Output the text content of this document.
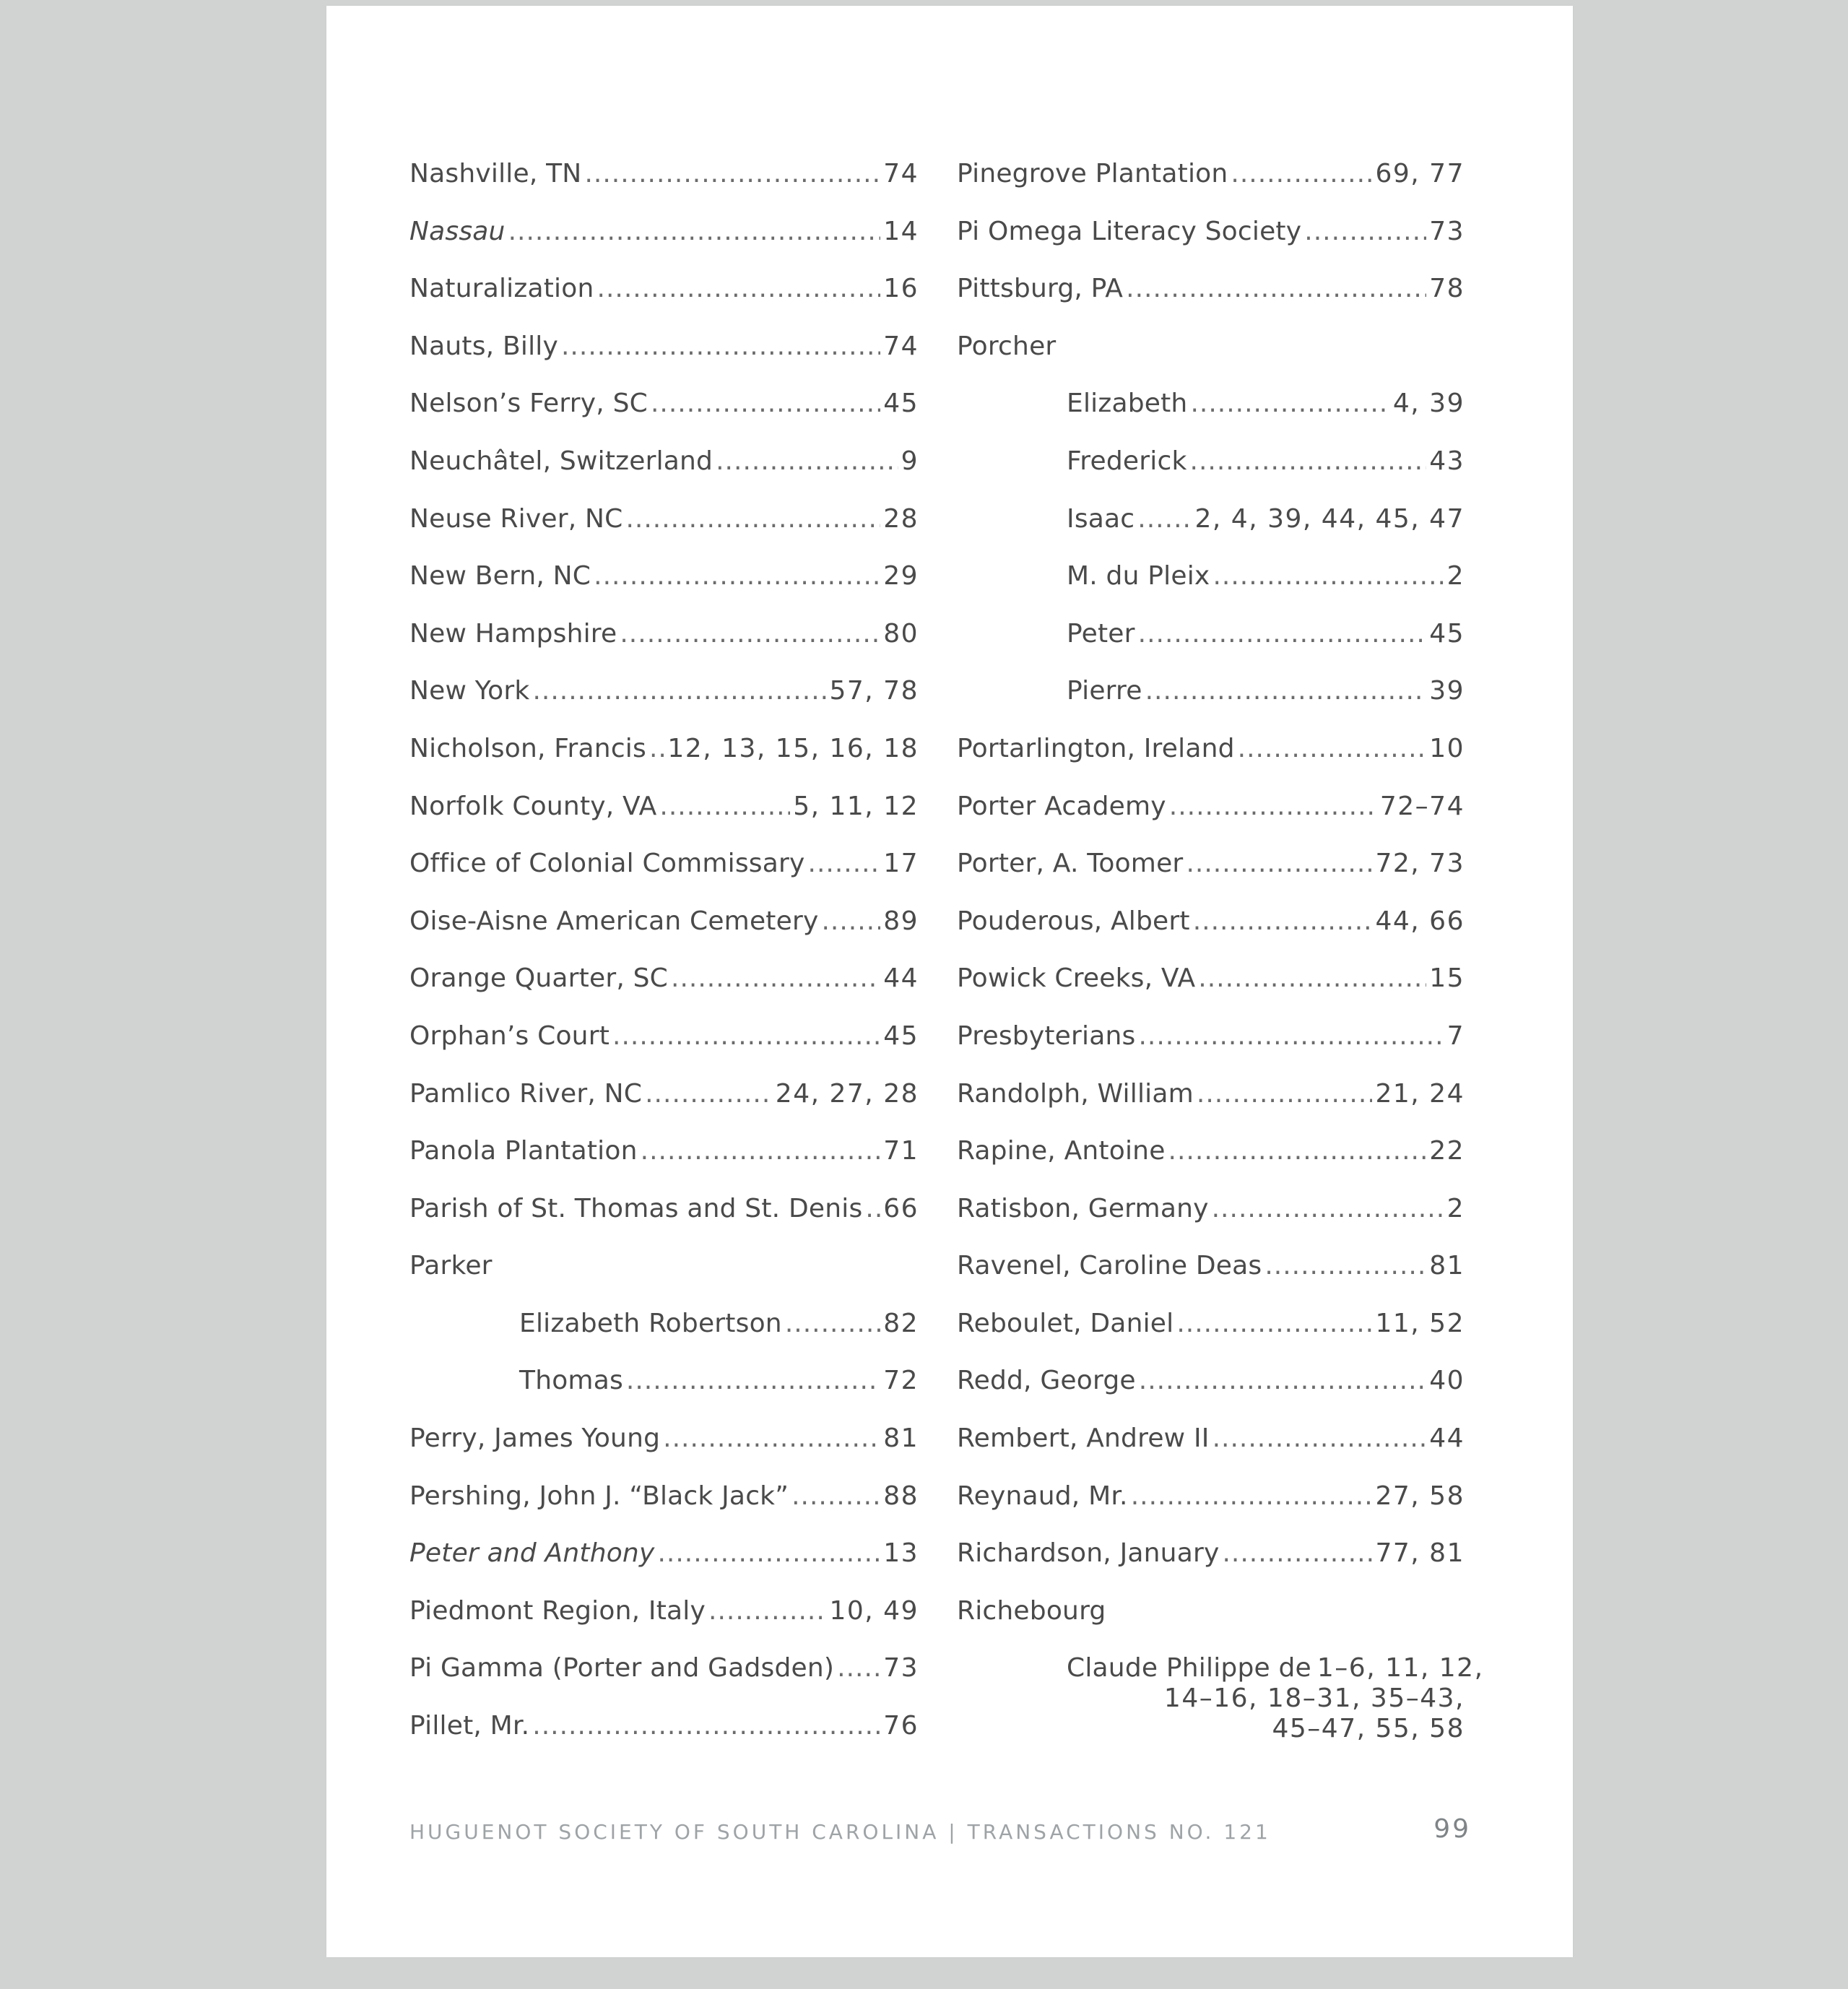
Nashville, TN .....	74
Nassau .....	14
Naturalization .....	16
Nauts, Billy .....	74
Nelson’s Ferry, SC .....	45
Neuchâtel, Switzerland .....	9
Neuse River, NC .....	28
New Bern, NC .....	29
New Hampshire .....	80
New York .....	57, 78
Nicholson, Francis ..... 12, 13, 15, 16, 18
Norfolk County, VA .....	5, 11, 12
Office of Colonial Commissary .....	17
Oise-Aisne American Cemetery ..... 89
Orange Quarter, SC .....	44
Orphan’s Court .....	45
Pamlico River, NC .....	24, 27, 28
Panola Plantation .....	71
Parish of St. Thomas and St. Denis ..... 66
Parker
Elizabeth Robertson .....	82
Thomas .....	72
Perry, James Young .....	81
Pershing, John J. “Black Jack” .....	88
Peter and Anthony .....	13
Piedmont Region, Italy .....	10, 49
Pi Gamma (Porter and Gadsden) ..... 73
Pillet, Mr. .....	76
Pinegrove Plantation .....	69, 77
Pi Omega Literacy Society .....	73
Pittsburg, PA .....	78
Porcher
Elizabeth .....	4, 39
Frederick .....	43
Isaac ..... 2, 4, 39, 44, 45, 47
M. du Pleix .....	2
Peter .....	45
Pierre .....	39
Portarlington, Ireland .....	10
Porter Academy .....	72–74
Porter, A. Toomer .....	72, 73
Pouderous, Albert .....	44, 66
Powick Creeks, VA .....	15
Presbyterians .....	7
Randolph, William .....	21, 24
Rapine, Antoine .....	22
Ratisbon, Germany .....	2
Ravenel, Caroline Deas .....	81
Reboulet, Daniel .....	11, 52
Redd, George .....	40
Rembert, Andrew II .....	44
Reynaud, Mr. .....	27, 58
Richardson, January .....	77, 81
Richebourg
Claude Philippe de 1–6, 11, 12,
14–16, 18–31, 35–43,
45–47, 55, 58
HUGUENOT SOCIETY OF SOUTH CAROLINA | TRANSACTIONS NO. 121	99
